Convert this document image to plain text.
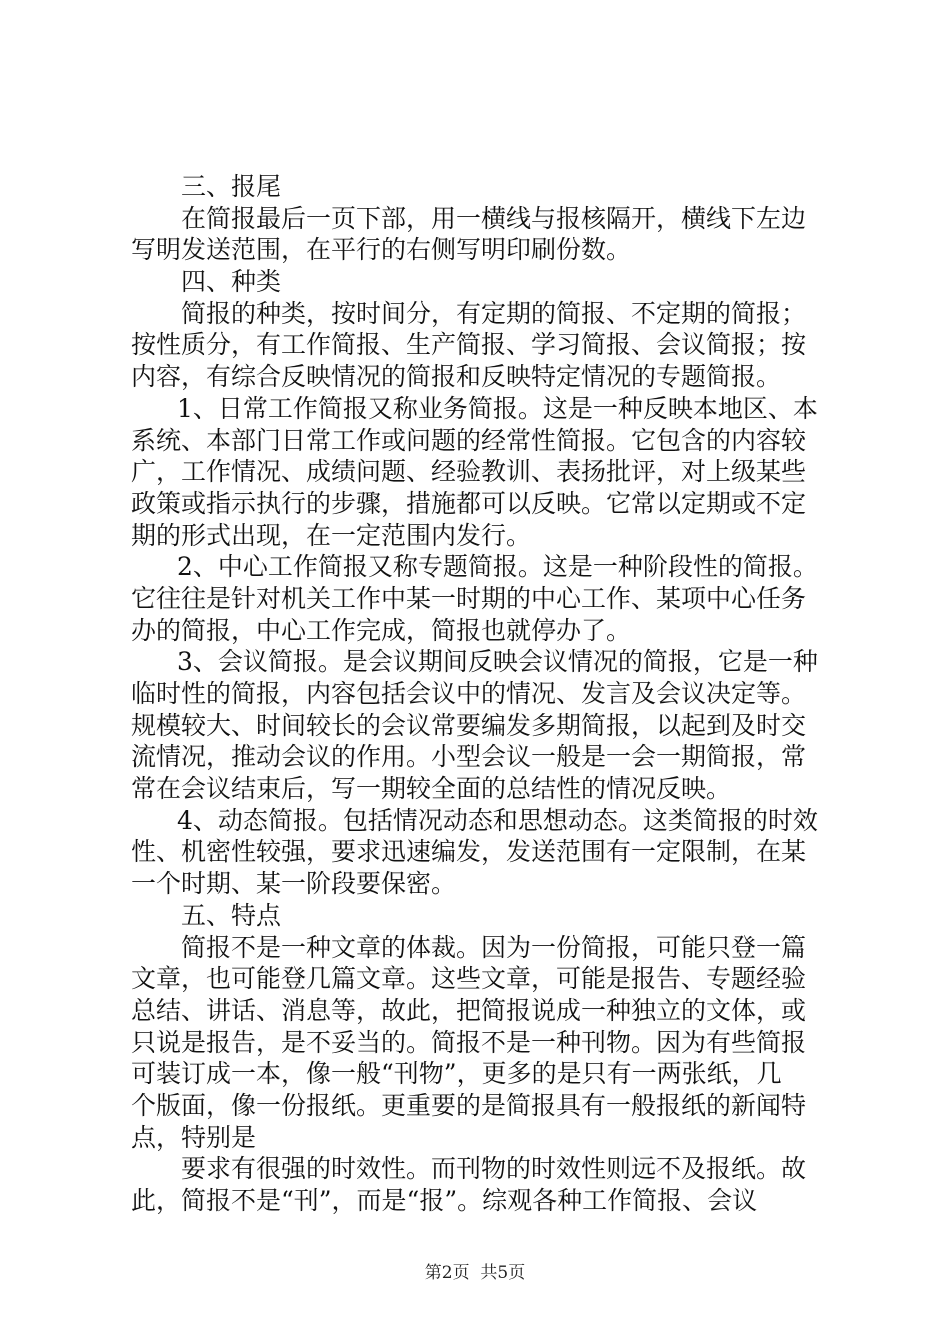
三、报尾
在简报最后一页下部，用一横线与报核隔开，横线下左边
写明发送范围，在平行的右侧写明印刷份数。
四、种类
简报的种类，按时间分，有定期的简报、不定期的简报；
按性质分，有工作简报、生产简报、学习简报、会议简报；按
内容，有综合反映情况的简报和反映特定情况的专题简报。
1、日常工作简报又称业务简报。这是一种反映本地区、本
系统、本部门日常工作或问题的经常性简报。它包含的内容较
广，工作情况、成绩问题、经验教训、表扬批评，对上级某些
政策或指示执行的步骤，措施都可以反映。它常以定期或不定
期的形式出现，在一定范围内发行。
2、中心工作简报又称专题简报。这是一种阶段性的简报。
它往往是针对机关工作中某一时期的中心工作、某项中心任务
办的简报，中心工作完成，简报也就停办了。
3、会议简报。是会议期间反映会议情况的简报，它是一种
临时性的简报，内容包括会议中的情况、发言及会议决定等。
规模较大、时间较长的会议常要编发多期简报，以起到及时交
流情况，推动会议的作用。小型会议一般是一会一期简报，常
常在会议结束后，写一期较全面的总结性的情况反映。
4、动态简报。包括情况动态和思想动态。这类简报的时效
性、机密性较强，要求迅速编发，发送范围有一定限制，在某
一个时期、某一阶段要保密。
五、特点
简报不是一种文章的体裁。因为一份简报，可能只登一篇
文章，也可能登几篇文章。这些文章，可能是报告、专题经验
总结、讲话、消息等，故此，把简报说成一种独立的文体，或
只说是报告，是不妥当的。简报不是一种刊物。因为有些简报
可装订成一本，像一般“刊物”，更多的是只有一两张纸，几
个版面，像一份报纸。更重要的是简报具有一般报纸的新闻特
点，特别是
要求有很强的时效性。而刊物的时效性则远不及报纸。故
此，简报不是“刊”，而是“报”。综观各种工作简报、会议
第2页  共5页
